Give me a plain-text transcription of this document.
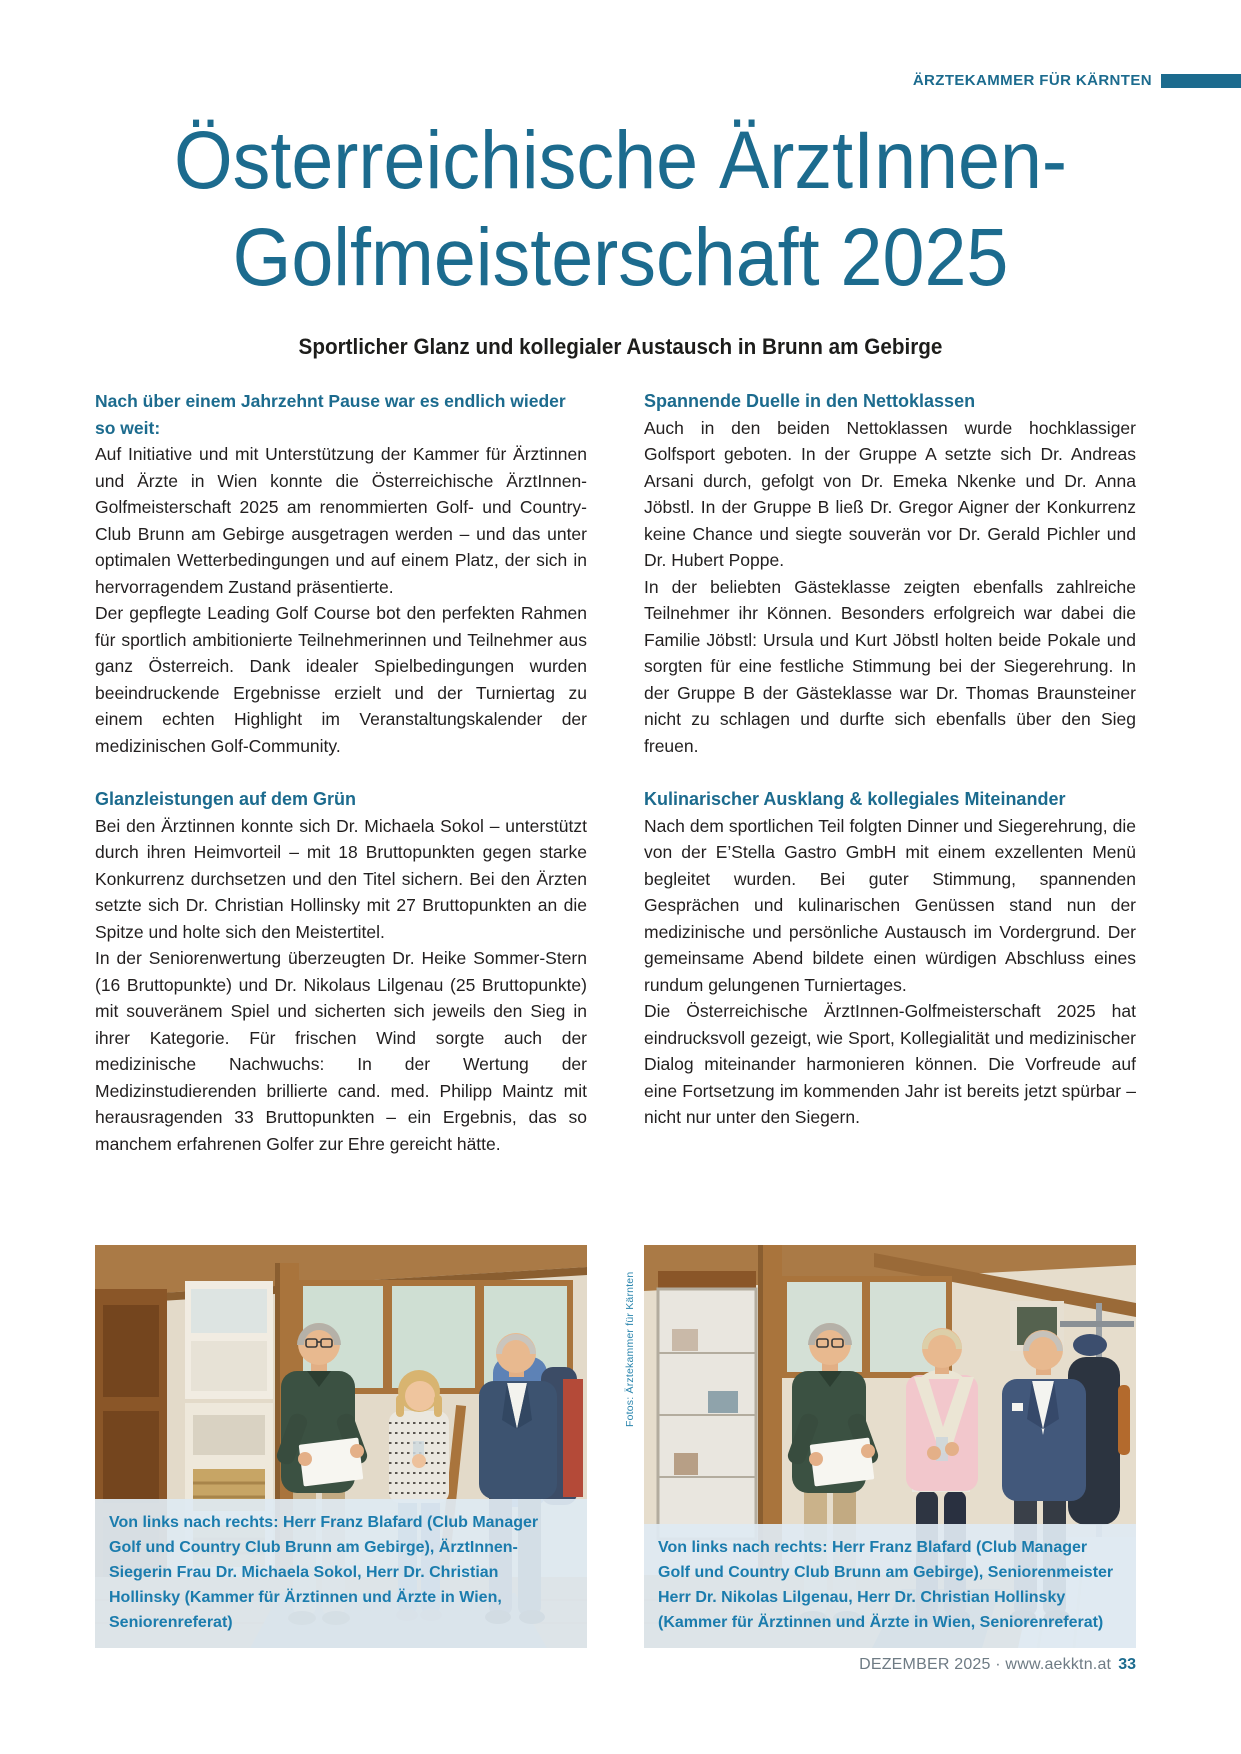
ÄRZTEKAMMER FÜR KÄRNTEN
Österreichische ÄrztInnen-
Golfmeisterschaft 2025
Sportlicher Glanz und kollegialer Austausch in Brunn am Gebirge
Nach über einem Jahrzehnt Pause war es endlich wieder so weit:

Auf Initiative und mit Unterstützung der Kammer für Ärztinnen und Ärzte in Wien konnte die Österreichische ÄrztInnen-Golfmeisterschaft 2025 am renommierten Golf- und Country-Club Brunn am Gebirge ausgetragen werden – und das unter optimalen Wetterbedingungen und auf einem Platz, der sich in hervorragendem Zustand präsentierte.

Der gepflegte Leading Golf Course bot den perfekten Rahmen für sportlich ambitionierte Teilnehmerinnen und Teilnehmer aus ganz Österreich. Dank idealer Spielbedingungen wurden beeindruckende Ergebnisse erzielt und der Turniertag zu einem echten Highlight im Veranstaltungskalender der medizinischen Golf-Community.

Glanzleistungen auf dem Grün

Bei den Ärztinnen konnte sich Dr. Michaela Sokol – unterstützt durch ihren Heimvorteil – mit 18 Bruttopunkten gegen starke Konkurrenz durchsetzen und den Titel sichern. Bei den Ärzten setzte sich Dr. Christian Hollinsky mit 27 Bruttopunkten an die Spitze und holte sich den Meistertitel.

In der Seniorenwertung überzeugten Dr. Heike Sommer-Stern (16 Bruttopunkte) und Dr. Nikolaus Lilgenau (25 Bruttopunkte) mit souveränem Spiel und sicherten sich jeweils den Sieg in ihrer Kategorie. Für frischen Wind sorgte auch der medizinische Nachwuchs: In der Wertung der Medizinstudierenden brillierte cand. med. Philipp Maintz mit herausragenden 33 Bruttopunkten – ein Ergebnis, das so manchem erfahrenen Golfer zur Ehre gereicht hätte.

Spannende Duelle in den Nettoklassen

Auch in den beiden Nettoklassen wurde hochklassiger Golfsport geboten. In der Gruppe A setzte sich Dr. Andreas Arsani durch, gefolgt von Dr. Emeka Nkenke und Dr. Anna Jöbstl. In der Gruppe B ließ Dr. Gregor Aigner der Konkurrenz keine Chance und siegte souverän vor Dr. Gerald Pichler und Dr. Hubert Poppe.

In der beliebten Gästeklasse zeigten ebenfalls zahlreiche Teilnehmer ihr Können. Besonders erfolgreich war dabei die Familie Jöbstl: Ursula und Kurt Jöbstl holten beide Pokale und sorgten für eine festliche Stimmung bei der Siegerehrung. In der Gruppe B der Gästeklasse war Dr. Thomas Braunsteiner nicht zu schlagen und durfte sich ebenfalls über den Sieg freuen.

Kulinarischer Ausklang & kollegiales Miteinander

Nach dem sportlichen Teil folgten Dinner und Siegerehrung, die von der E’Stella Gastro GmbH mit einem exzellenten Menü begleitet wurden. Bei guter Stimmung, spannenden Gesprächen und kulinarischen Genüssen stand nun der medizinische und persönliche Austausch im Vordergrund. Der gemeinsame Abend bildete einen würdigen Abschluss eines rundum gelungenen Turniertages.

Die Österreichische ÄrztInnen-Golfmeisterschaft 2025 hat eindrucksvoll gezeigt, wie Sport, Kollegialität und medizinischer Dialog miteinander harmonieren können. Die Vorfreude auf eine Fortsetzung im kommenden Jahr ist bereits jetzt spürbar – nicht nur unter den Siegern.

Von links nach rechts: Herr Franz Blafard (Club Manager Golf und Country Club Brunn am Gebirge), ÄrztInnen-Siegerin Frau Dr. Michaela Sokol, Herr Dr. Christian Hollinsky (Kammer für Ärztinnen und Ärzte in Wien, Seniorenreferat)
Fotos: Ärztekammer für Kärnten
Von links nach rechts: Herr Franz Blafard (Club Manager Golf und Country Club Brunn am Gebirge), Seniorenmeister Herr Dr. Nikolas Lilgenau, Herr Dr. Christian Hollinsky (Kammer für Ärztinnen und Ärzte in Wien, Seniorenreferat)
DEZEMBER 2025 · www.aekktn.at 33
